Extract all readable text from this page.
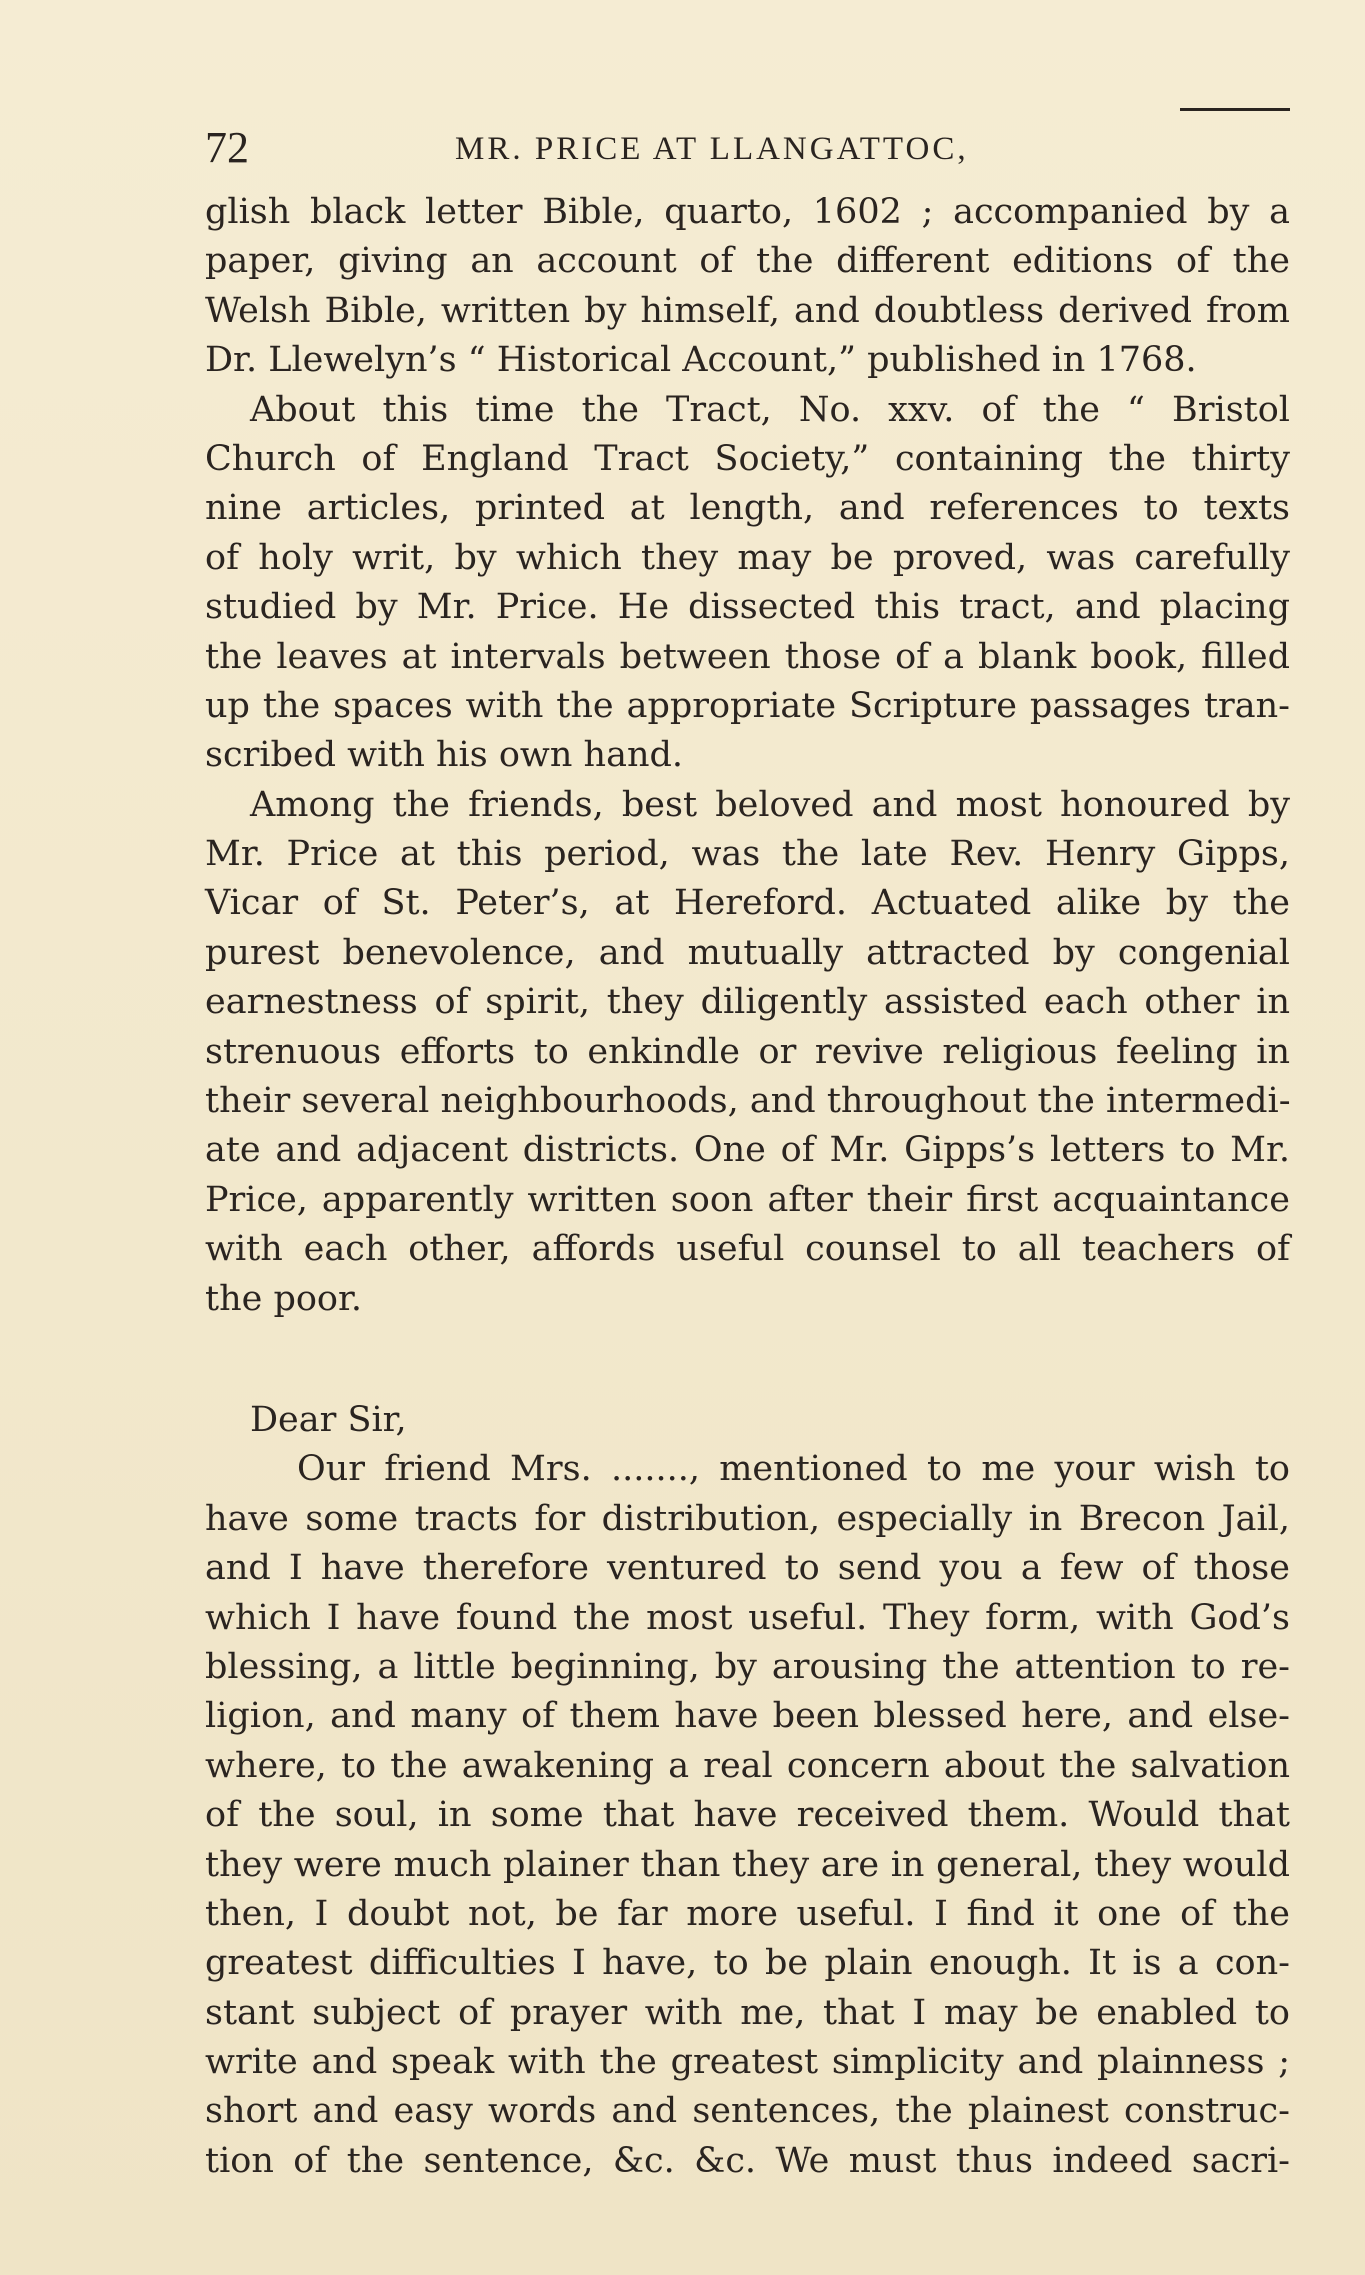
72	MR. PRICE AT LLANGATTOC,
glish black letter Bible, quarto, 1602 ; accompanied by a
paper, giving an account of the different editions of the
Welsh Bible, written by himself, and doubtless derived from
Dr. Llewelyn’s “ Historical Account,” published in 1768.
About this time the Tract, No. xxv. of the “ Bristol
Church of England Tract Society,” containing the thirty
nine articles, printed at length, and references to texts
of holy writ, by which they may be proved, was carefully
studied by Mr. Price. He dissected this tract, and placing
the leaves at intervals between those of a blank book, filled
up the spaces with the appropriate Scripture passages tran-
scribed with his own hand.
Among the friends, best beloved and most honoured by
Mr. Price at this period, was the late Rev. Henry Gipps,
Vicar of St. Peter’s, at Hereford. Actuated alike by the
purest benevolence, and mutually attracted by congenial
earnestness of spirit, they diligently assisted each other in
strenuous efforts to enkindle or revive religious feeling in
their several neighbourhoods, and throughout the intermedi-
ate and adjacent districts. One of Mr. Gipps’s letters to Mr.
Price, apparently written soon after their first acquaintance
with each other, affords useful counsel to all teachers of
the poor.
Dear Sir,
Our friend Mrs. ......., mentioned to me your wish to
have some tracts for distribution, especially in Brecon Jail,
and I have therefore ventured to send you a few of those
which I have found the most useful. They form, with God’s
blessing, a little beginning, by arousing the attention to re-
ligion, and many of them have been blessed here, and else-
where, to the awakening a real concern about the salvation
of the soul, in some that have received them. Would that
they were much plainer than they are in general, they would
then, I doubt not, be far more useful. I find it one of the
greatest difficulties I have, to be plain enough. It is a con-
stant subject of prayer with me, that I may be enabled to
write and speak with the greatest simplicity and plainness ;
short and easy words and sentences, the plainest construc-
tion of the sentence, &c. &c. We must thus indeed sacri-
